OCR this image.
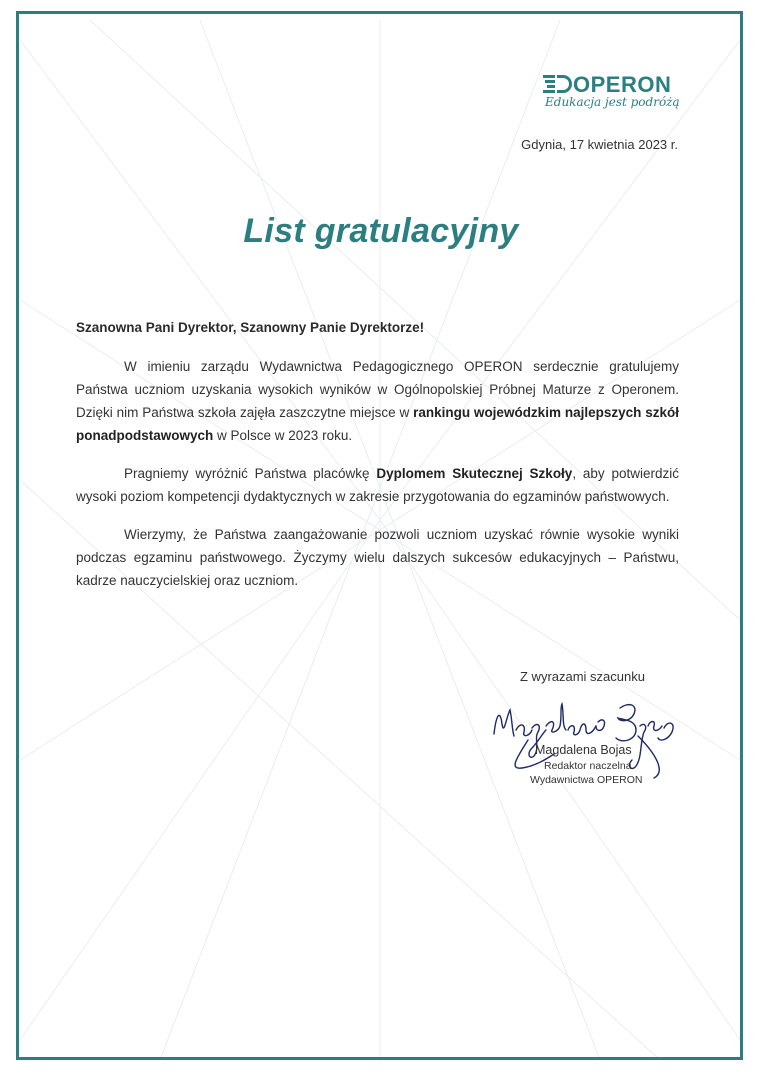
OPERON
Edukacja jest podróżą
Gdynia, 17 kwietnia 2023 r.
List gratulacyjny
Szanowna Pani Dyrektor, Szanowny Panie Dyrektorze!

W imieniu zarządu Wydawnictwa Pedagogicznego OPERON serdecznie gratulujemy Państwa uczniom uzyskania wysokich wyników w Ogólnopolskiej Próbnej Maturze z Operonem. Dzięki nim Państwa szkoła zajęła zaszczytne miejsce w rankingu wojewódzkim najlepszych szkół ponadpodstawowych w Polsce w 2023 roku.

Pragniemy wyróżnić Państwa placówkę Dyplomem Skutecznej Szkoły, aby potwierdzić wysoki poziom kompetencji dydaktycznych w zakresie przygotowania do egzaminów państwowych.

Wierzymy, że Państwa zaangażowanie pozwoli uczniom uzyskać równie wysokie wyniki podczas egzaminu państwowego. Życzymy wielu dalszych sukcesów edukacyjnych – Państwu, kadrze nauczycielskiej oraz uczniom.

Z wyrazami szacunku
Magdalena Bojas
Redaktor naczelna
Wydawnictwa OPERON
